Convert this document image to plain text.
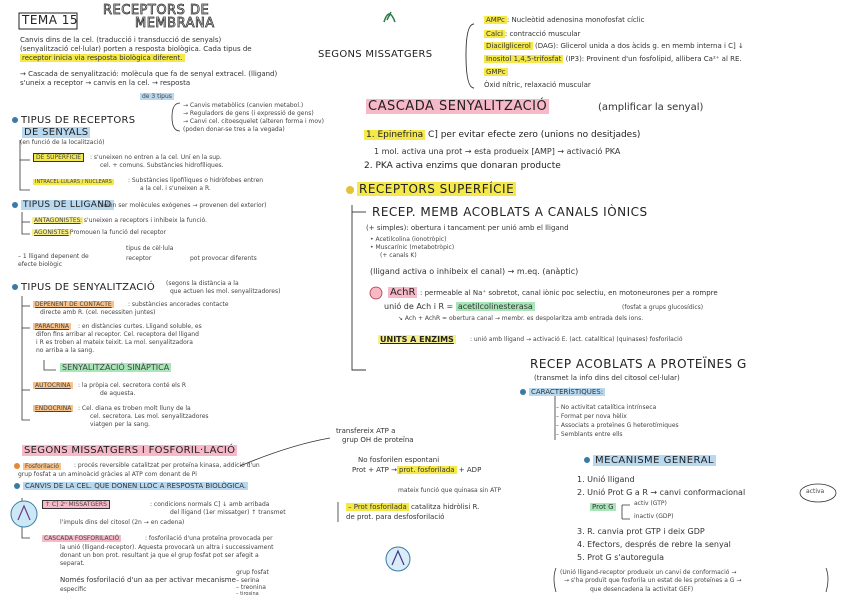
TEMA 15
RECEPTORS DE
MEMBRANA
Canvis dins de la cel. (traducció i transducció de senyals)
(senyalització cel·lular) porten a resposta biològica. Cada tipus de
receptor inicia via resposta biològica diferent.
→ Cascada de senyalització: molècula que fa de senyal extracel. (lligand)
s'uneix a receptor → canvis en la cel. → resposta
de 3 tipus
→ Canvis metabòlics (canvien metabol.)
→ Reguladors de gens (i expressió de gens)
→ Canvi cel. citoesquelet (alteren forma i mov)
(poden donar-se tres a la vegada)
TIPUS DE RECEPTORS
DE SENYALS
(en funció de la localització)
DE SUPERFÍCIE	: s'uneixen no entren a la cel. Uní en la sup.
cel. + comuns. Substàncies hidrofíliques.
INTRACEL·LULARS / NUCLEARS	: Substàncies lipofíliques o hidròfobes entren
a la cel. i s'uneixen a R.
TIPUS DE LLIGAND
(solen ser molècules exògenes → provenen del exterior)
ANTAGONISTES : s'uneixen a receptors i inhibeix la funció.
AGONISTES
: Promouen la funció del receptor
– 1 lligand depenent de
efecte biològic
tipus de cèl·lula
receptor	pot provocar diferents
TIPUS DE SENYALITZACIÓ (segons la distància a la
que actuen les mol. senyalitzadores)
DEPENENT DE CONTACTE	: substàncies ancorades contacte
directe amb R. (cel. necessiten juntes)
PARACRINA	: en distàncies curtes. Lligand soluble, es
difon fins arribar al receptor. Cel. receptora del lligand
i R es troben al mateix teixit. La mol. senyalitzadora
no arriba a la sang.
SENYALITZACIÓ SINÀPTICA
AUTOCRINA	: la pròpia cel. secretora conté els R
de aquesta.
ENDOCRINA	: Cel. diana es troben molt lluny de la
cel. secretora. Les mol. senyalitzadores
viatgen per la sang.
SEGONS MISSATGERS I FOSFORIL·LACIÓ
Fosforilació	: procés reversible catalitzat per proteïna kinasa, addició d'un
grup fosfat a un aminoàcid gràcies al ATP com donant de Pi
CANVIS DE LA CEL. QUE DONEN LLOC A RESPOSTA BIOLÒGICA.
↑ C] 2ⁿ MISSATGERS	: condicions normals C] ↓ amb arribada
del lligand (1er missatger) ↑ transmet
l'impuls dins del citosol (2n → en cadena)
CASCADA FOSFORILACIÓ	: fosforilació d'una proteïna provocada per
la unió (lligand-receptor). Aquesta provocarà un altra i successivament
donant un bon prot. resultant ja que el grup fosfat pot ser afegit a
separat.
Només fosforilació d'un aa per activar mecanisme
específic
grup fosfat
– serina
– treonina
– tirosina
transfereix ATP a
grup OH de proteïna
No fosforilen espontani
Prot + ATP → prot. fosforilada + ADP
mateix funció que quinasa sin ATP
– Prot fosforilada catalitza hidròlisi R.
de prot. para desfosforilació
SEGONS MISSATGERS
AMPc : Nucleòtid adenosina monofosfat cíclic
Calci : contracció muscular
Diacilglicerol (DAG): Glicerol unida a dos àcids g. en memb interna i C] ↓
Inositol 1,4,5-trifosfat (IP3): Provinent d'un fosfolípid, allibera Ca²⁺ al RE.
GMPc
Òxid nítric, relaxació muscular
CASCADA SENYALITZACIÓ	(amplificar la senyal)
1. Epinefrina C] per evitar efecte zero (unions no desitjades)
1 mol. activa una prot → esta produeix [AMP] → activació PKA
2. PKA activa enzims que donaran producte
RECEPTORS SUPERFÍCIE
RECEP. MEMB ACOBLATS A CANALS IÒNICS
(+ simples): obertura i tancament per unió amb el lligand
• Acetilcolina (ionotròpic)
• Muscarínic (metabotròpic)
(+ canals K)
(lligand activa o inhibeix el canal) → m.eq. (anàptic)
AchR : permeable al Na⁺ sobretot, canal iònic poc selectiu, en motoneurones per a rompre
unió de Ach i R = acetilcolinesterasa	(fosfat a grups glucosídics)
↘ Ach + AchR = obertura canal → membr. es despolaritza amb entrada dels ions.
UNITS A ENZIMS	: unió amb lligand → activació E. (act. catalítica) (quinases) fosforilació
RECEP ACOBLATS A PROTEÏNES G
(transmet la info dins del citosol cel·lular)
CARACTERÍSTIQUES:
– No activitat catalítica intrínseca
– Format per nova hèlix
– Associats a proteïnes G heterotímiques
– Semblants entre ells
MECANISME GENERAL
1. Unió lligand
2. Unió Prot G a R → canvi conformacional	activa
Prot G	activ (GTP)
inactiv (GDP)
3. R. canvia prot GTP i deix GDP
4. Efectors, després de rebre la senyal
5. Prot G s'autoregula
(Unió lligand-receptor produeix un canvi de conformació →
→ s'ha produït que fosforila un estat de les proteïnes a G →
que desencadena la activitat GEF)
